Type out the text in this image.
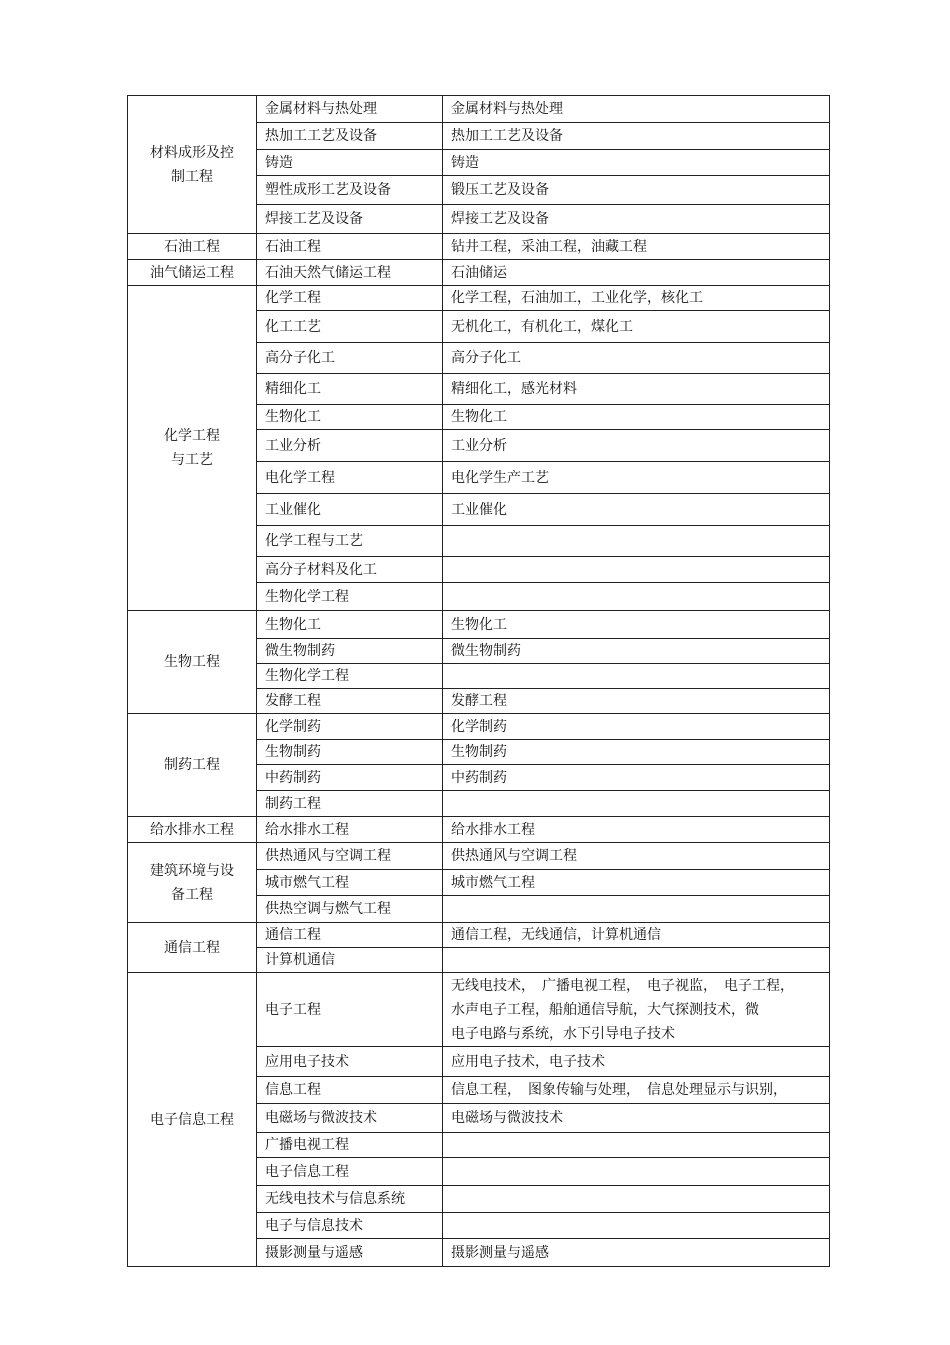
材料成形及控
制工程	金属材料与热处理	金属材料与热处理
	热加工工艺及设备	热加工工艺及设备
	铸造	铸造
	塑性成形工艺及设备	锻压工艺及设备
	焊接工艺及设备	焊接工艺及设备
石油工程	石油工程	钻井工程，采油工程，油藏工程
油气储运工程	石油天然气储运工程	石油储运
化学工程
与工艺	化学工程	化学工程，石油加工，工业化学，核化工
	化工工艺	无机化工，有机化工，煤化工
	高分子化工	高分子化工
	精细化工	精细化工，感光材料
	生物化工	生物化工
	工业分析	工业分析
	电化学工程	电化学生产工艺
	工业催化	工业催化
	化学工程与工艺	
	高分子材料及化工	
	生物化学工程	
生物工程	生物化工	生物化工
	微生物制药	微生物制药
	生物化学工程	
	发酵工程	发酵工程
制药工程	化学制药	化学制药
	生物制药	生物制药
	中药制药	中药制药
	制药工程	
给水排水工程	给水排水工程	给水排水工程
建筑环境与设
备工程	供热通风与空调工程	供热通风与空调工程
	城市燃气工程	城市燃气工程
	供热空调与燃气工程	
通信工程	通信工程	通信工程，无线通信，计算机通信
	计算机通信	
电子信息工程	电子工程	无线电技术，　广播电视工程，　电子视监，　电子工程，
水声电子工程，船舶通信导航，大气探测技术，微
电子电路与系统，水下引导电子技术
	应用电子技术	应用电子技术，电子技术
	信息工程	信息工程，　图象传输与处理，　信息处理显示与识别，
	电磁场与微波技术	电磁场与微波技术
	广播电视工程	
	电子信息工程	
	无线电技术与信息系统	
	电子与信息技术	
	摄影测量与遥感	摄影测量与遥感
